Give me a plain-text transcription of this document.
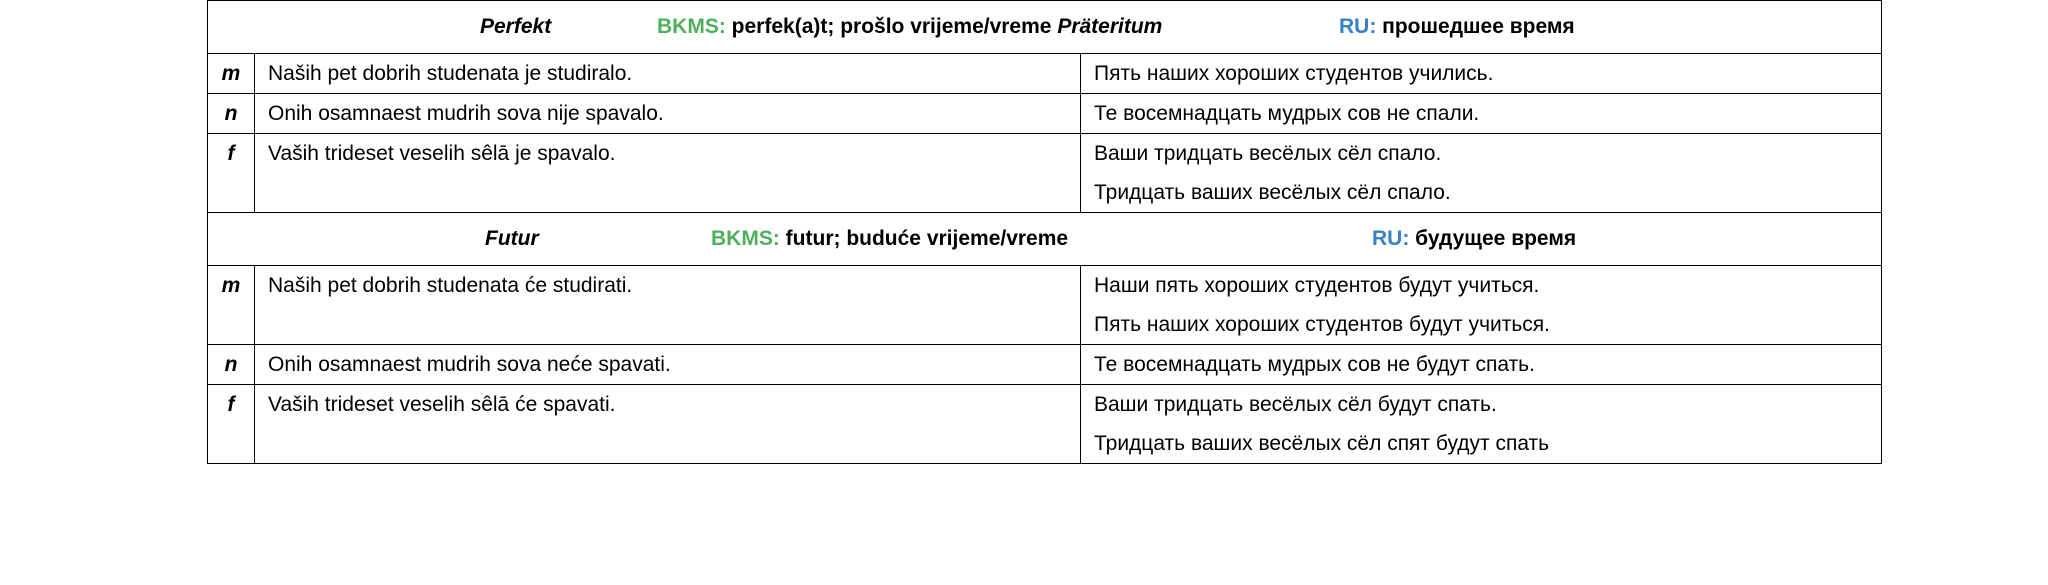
Perfekt BKMS: perfek(a)t; prošlo vrijeme/vreme Präteritum RU: прошедшее время		

m	Naših pet dobrih studenata je studiralo.	Пять наших хороших студентов учились.

n	Onih osamnaest mudrih sova nije spavalo.	Те восемнадцать мудрых сов не спали.

f	Vaših trideset veselih sêlā je spavalo.	Ваши тридцать весёлых сёл спало.
Тридцать ваших весёлых сёл спало.

Futur BKMS: futur; buduće vrijeme/vreme RU: будущее время		

m	Naših pet dobrih studenata će studirati.	Наши пять хороших студентов будут учиться.
Пять наших хороших студентов будут учиться.

n	Onih osamnaest mudrih sova neće spavati.	Те восемнадцать мудрых сов не будут спать.

f	Vaših trideset veselih sêlā će spavati.	Ваши тридцать весёлых сёл будут спать.
Тридцать ваших весёлых сёл спят будут спать
